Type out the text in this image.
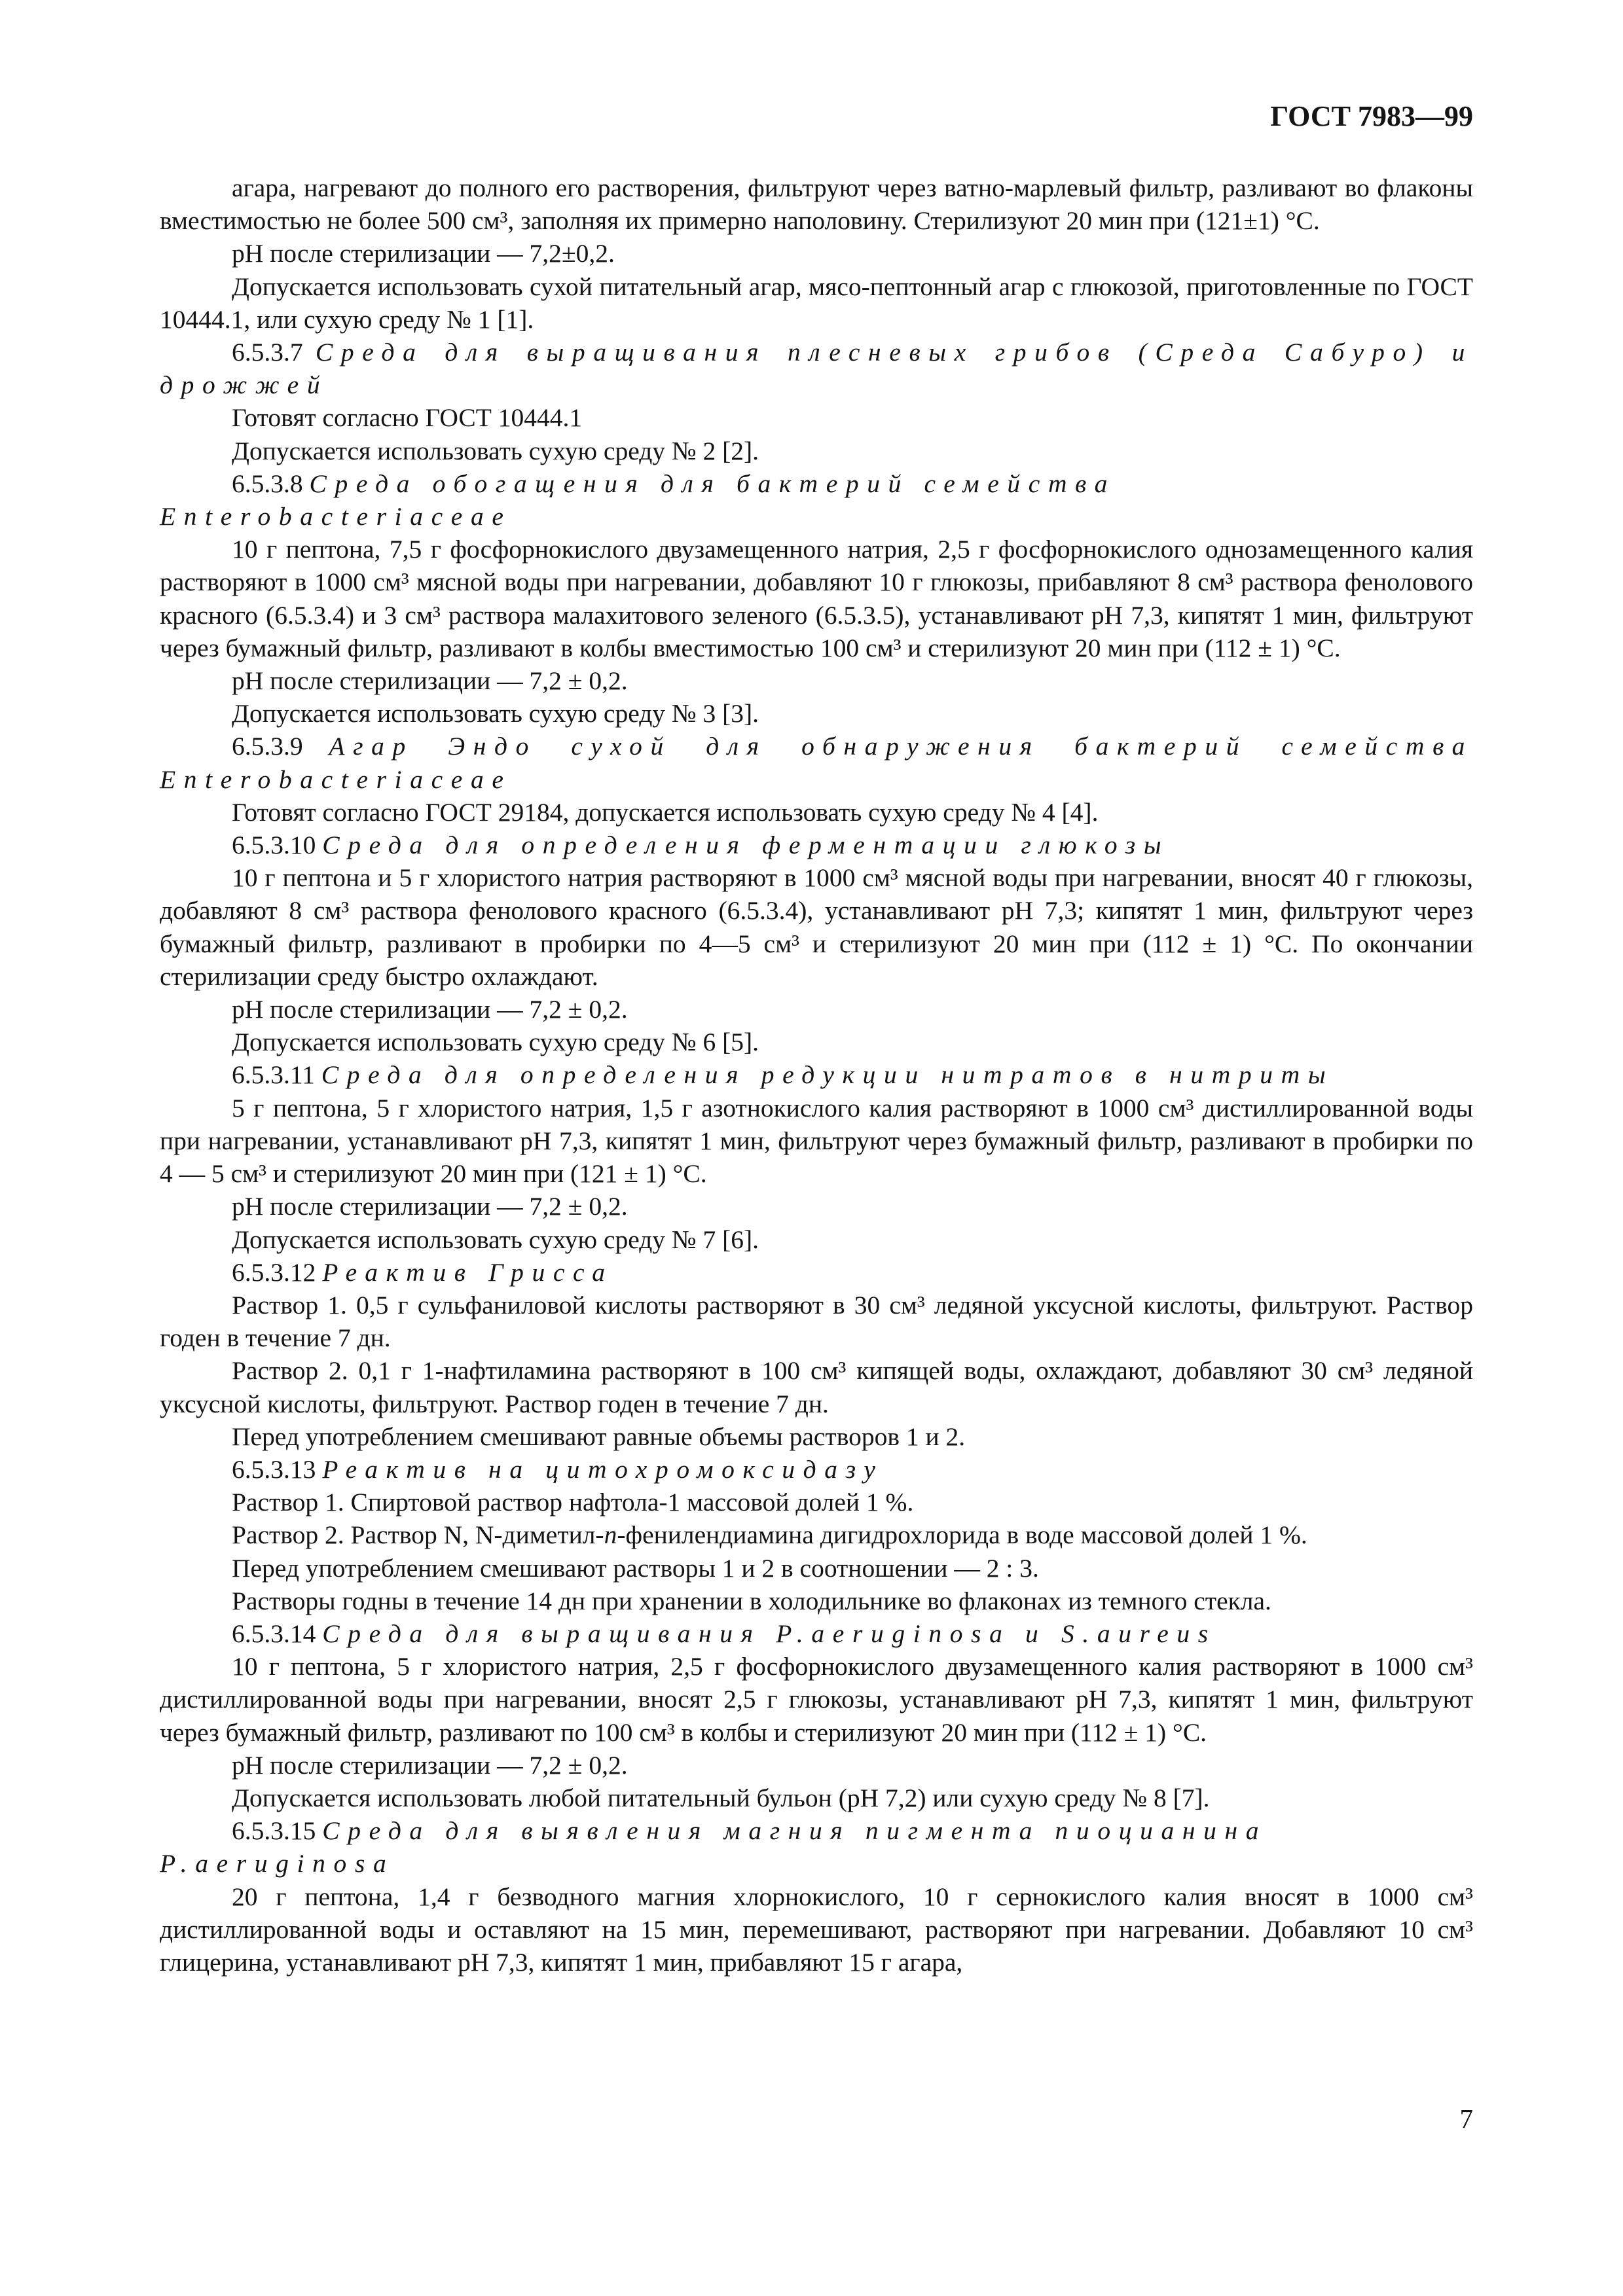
ГОСТ 7983—99

агара, нагревают до полного его растворения, фильтруют через ватно-марлевый фильтр, разливают во флаконы вместимостью не более 500 см³, заполняя их примерно наполовину. Стерилизуют 20 мин при (121±1) °С.

рН после стерилизации — 7,2±0,2.

Допускается использовать сухой питательный агар, мясо-пептонный агар с глюкозой, приготовленные по ГОСТ 10444.1, или сухую среду № 1 [1].

6.5.3.7 Среда для выращивания плесневых грибов (Среда Сабуро) и дрожжей

Готовят согласно ГОСТ 10444.1

Допускается использовать сухую среду № 2 [2].

6.5.3.8 Среда обогащения для бактерий семейства Enterobacteriaceae

10 г пептона, 7,5 г фосфорнокислого двузамещенного натрия, 2,5 г фосфорнокислого однозамещенного калия растворяют в 1000 см³ мясной воды при нагревании, добавляют 10 г глюкозы, прибавляют 8 см³ раствора фенолового красного (6.5.3.4) и 3 см³ раствора малахитового зеленого (6.5.3.5), устанавливают рН 7,3, кипятят 1 мин, фильтруют через бумажный фильтр, разливают в колбы вместимостью 100 см³ и стерилизуют 20 мин при (112 ± 1) °С.

рН после стерилизации — 7,2 ± 0,2.

Допускается использовать сухую среду № 3 [3].

6.5.3.9 Агар Эндо сухой для обнаружения бактерий семейства Enterobacteriaceae

Готовят согласно ГОСТ 29184, допускается использовать сухую среду № 4 [4].

6.5.3.10 Среда для определения ферментации глюкозы

10 г пептона и 5 г хлористого натрия растворяют в 1000 см³ мясной воды при нагревании, вносят 40 г глюкозы, добавляют 8 см³ раствора фенолового красного (6.5.3.4), устанавливают рН 7,3; кипятят 1 мин, фильтруют через бумажный фильтр, разливают в пробирки по 4—5 см³ и стерилизуют 20 мин при (112 ± 1) °С. По окончании стерилизации среду быстро охлаждают.

рН после стерилизации — 7,2 ± 0,2.

Допускается использовать сухую среду № 6 [5].

6.5.3.11 Среда для определения редукции нитратов в нитриты

5 г пептона, 5 г хлористого натрия, 1,5 г азотнокислого калия растворяют в 1000 см³ дистиллированной воды при нагревании, устанавливают рН 7,3, кипятят 1 мин, фильтруют через бумажный фильтр, разливают в пробирки по 4 — 5 см³ и стерилизуют 20 мин при (121 ± 1) °С.

рН после стерилизации — 7,2 ± 0,2.

Допускается использовать сухую среду № 7 [6].

6.5.3.12 Реактив Грисса

Раствор 1. 0,5 г сульфаниловой кислоты растворяют в 30 см³ ледяной уксусной кислоты, фильтруют. Раствор годен в течение 7 дн.

Раствор 2. 0,1 г 1-нафтиламина растворяют в 100 см³ кипящей воды, охлаждают, добавляют 30 см³ ледяной уксусной кислоты, фильтруют. Раствор годен в течение 7 дн.

Перед употреблением смешивают равные объемы растворов 1 и 2.

6.5.3.13 Реактив на цитохромоксидазу

Раствор 1. Спиртовой раствор нафтола-1 массовой долей 1 %.

Раствор 2. Раствор N, N-диметил-п-фенилендиамина дигидрохлорида в воде массовой долей 1 %.

Перед употреблением смешивают растворы 1 и 2 в соотношении — 2 : 3.

Растворы годны в течение 14 дн при хранении в холодильнике во флаконах из темного стекла.

6.5.3.14 Среда для выращивания P.aeruginosa и S.aureus

10 г пептона, 5 г хлористого натрия, 2,5 г фосфорнокислого двузамещенного калия растворяют в 1000 см³ дистиллированной воды при нагревании, вносят 2,5 г глюкозы, устанавливают рН 7,3, кипятят 1 мин, фильтруют через бумажный фильтр, разливают по 100 см³ в колбы и стерилизуют 20 мин при (112 ± 1) °С.

рН после стерилизации — 7,2 ± 0,2.

Допускается использовать любой питательный бульон (рН 7,2) или сухую среду № 8 [7].

6.5.3.15 Среда для выявления магния пигмента пиоцианина P.aeruginosa

20 г пептона, 1,4 г безводного магния хлорнокислого, 10 г сернокислого калия вносят в 1000 см³ дистиллированной воды и оставляют на 15 мин, перемешивают, растворяют при нагревании. Добавляют 10 см³ глицерина, устанавливают рН 7,3, кипятят 1 мин, прибавляют 15 г агара,

7
